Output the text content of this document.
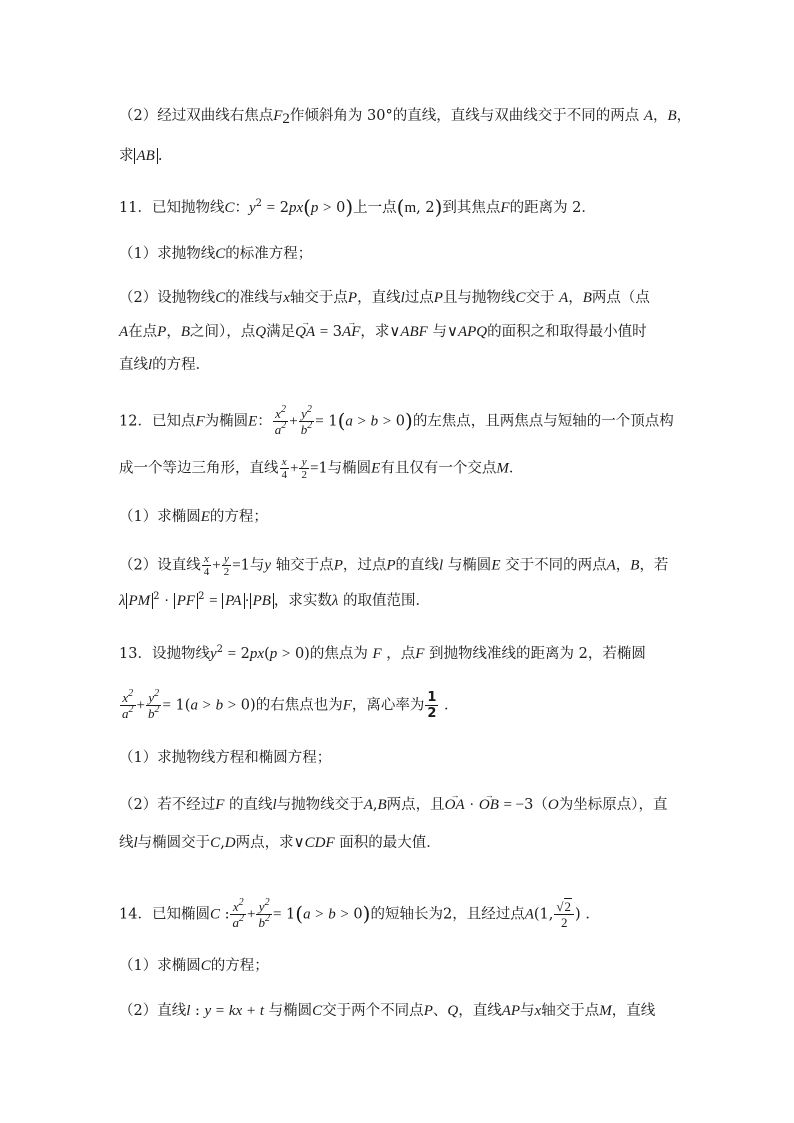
（2）经过双曲线右焦点$F_2$作倾斜角为 30°的直线，直线与双曲线交于不同的两点 A，B，
求 AB .
11．已知抛物线C：$y^2 = 2px(p > 0)$上一点(m, 2)到其焦点F的距离为 2．
（1）求抛物线C的标准方程；
（2）设抛物线C的准线与x轴交于点P，直线l过点P且与抛物线C交于 A，B两点（点
A在点P，B之间），点Q满足→ QA = 3→ AF，求∨ABF 与∨APQ的面积之和取得最小值时
直线l的方程．
12．已知点F为椭圆E： $\frac{x^2}{a^2} + \frac{y^2}{b^2} = 1(a > b > 0)$的左焦点，且两焦点与短轴的一个顶点构
成一个等边三角形，直线 $\frac{x}{4} + \frac{y}{2} =1$与椭圆E有且仅有一个交点M．
（1）求椭圆E的方程；
（2）设直线 $\frac{x}{4} + \frac{y}{2} =1$与y 轴交于点P，过点P的直线l 与椭圆E 交于不同的两点A，B，若
λ PM $^2$ · PF $^2$ = PA · PB ，求实数λ 的取值范围．
13．设抛物线$y^2 = 2px(p > 0)$的焦点为 F ，点F 到抛物线准线的距离为 2，若椭圆
$\frac{x^2}{a^2} + \frac{y^2}{b^2} = 1(a > b > 0)$的右焦点也为F，离心率为 $\frac{1}{2}$ ．
（1）求抛物线方程和椭圆方程；
（2）若不经过F 的直线l与抛物线交于A,B两点，且→ OA · → OB = −3（O为坐标原点），直
线l与椭圆交于C,D两点，求∨CDF 面积的最大值．
14．已知椭圆C : $\frac{x^2}{a^2} + \frac{y^2}{b^2} = 1(a > b > 0)$的短轴长为2，且经过点A(1, $\frac{√2}{2}$ ) ．
（1）求椭圆C的方程；
（2）直线l : y = kx + t 与椭圆C交于两个不同点P、Q，直线AP与x轴交于点M，直线
